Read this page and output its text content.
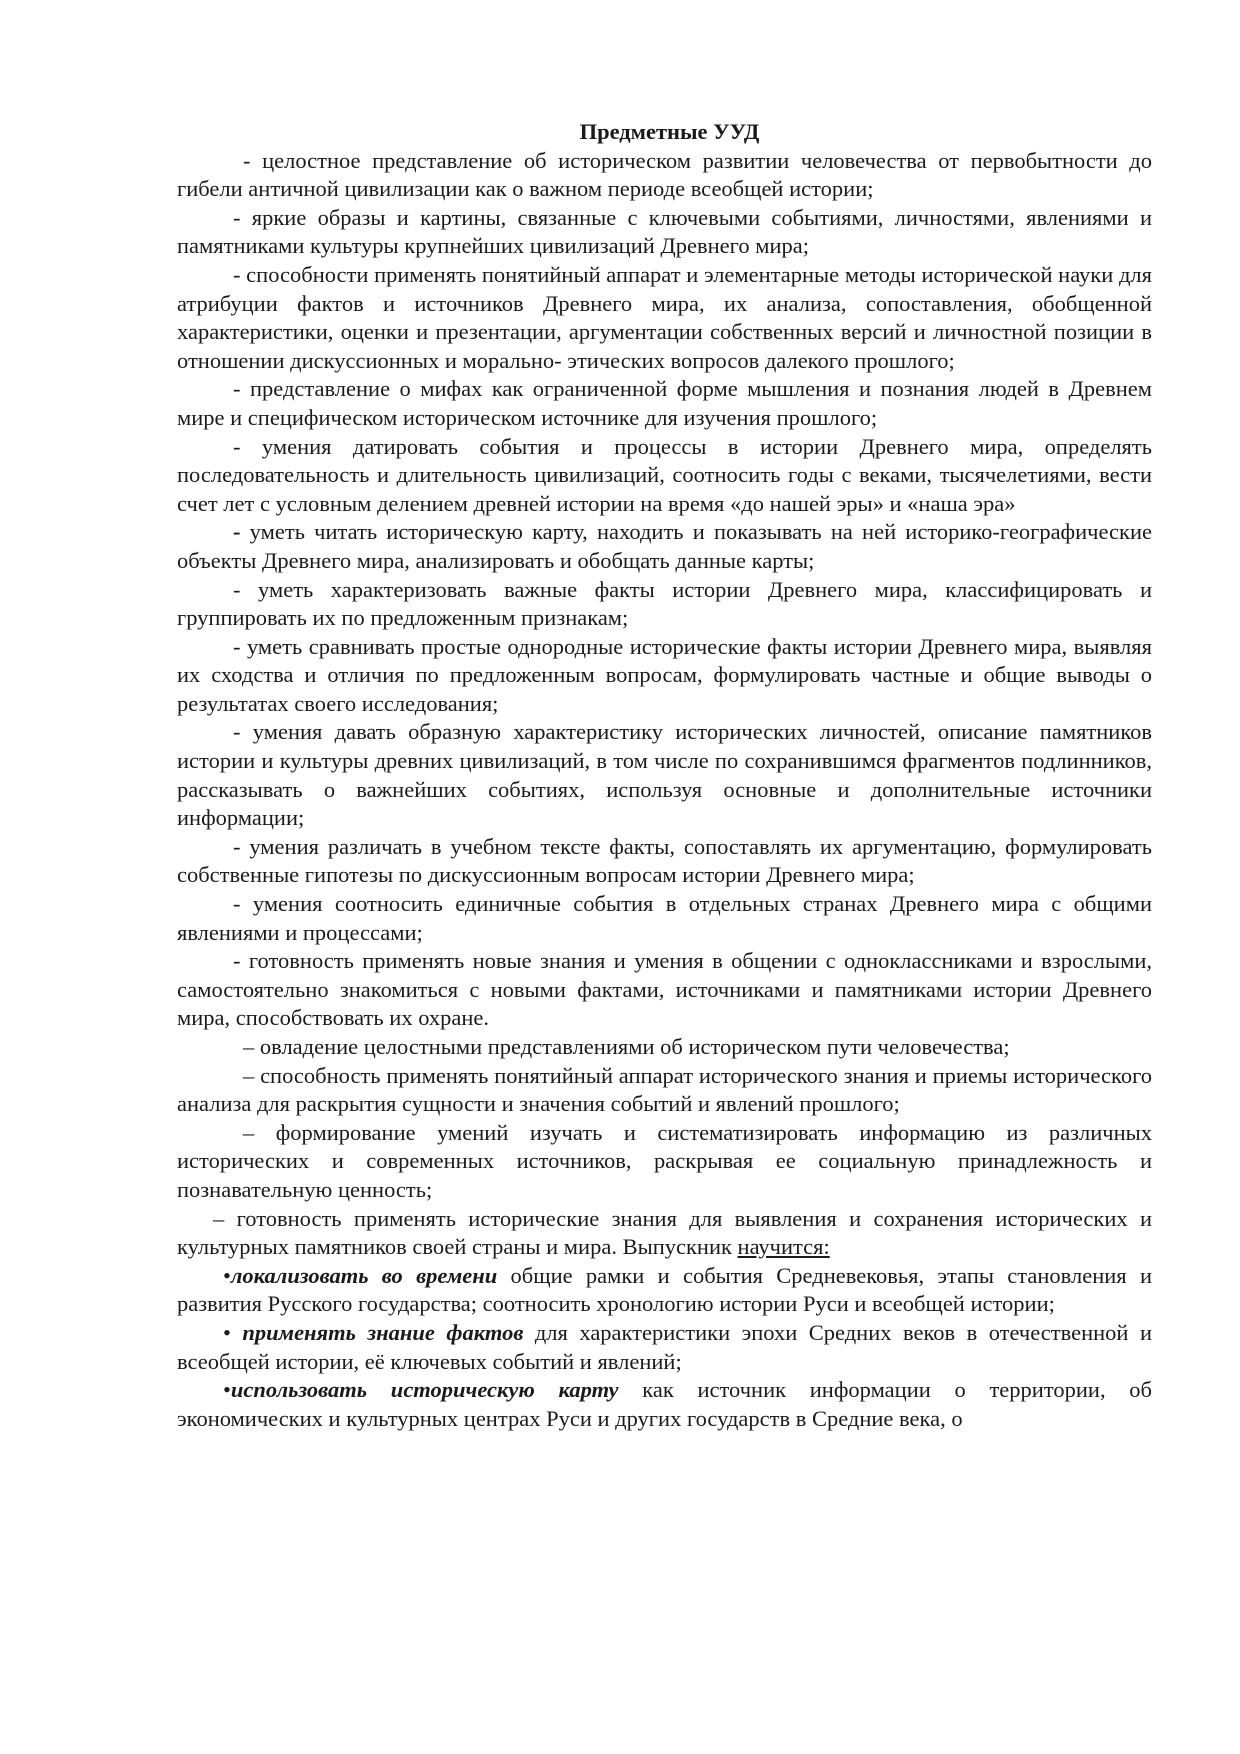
Предметные УУД

- целостное представление об историческом развитии человечества от первобытности до гибели античной цивилизации как о важном периоде всеобщей истории;

- яркие образы и картины, связанные с ключевыми событиями, личностями, явлениями и памятниками культуры крупнейших цивилизаций Древнего мира;

- способности применять понятийный аппарат и элементарные методы исторической науки для атрибуции фактов и источников Древнего мира, их анализа, сопоставления, обобщенной характеристики, оценки и презентации, аргументации собственных версий и личностной позиции в отношении дискуссионных и морально- этических вопросов далекого прошлого;

- представление о мифах как ограниченной форме мышления и познания людей в Древнем мире и специфическом историческом источнике для изучения прошлого;

- умения датировать события и процессы в истории Древнего мира, определять последовательность и длительность цивилизаций, соотносить годы с веками, тысячелетиями, вести счет лет с условным делением древней истории на время «до нашей эры» и «наша эра»

- уметь читать историческую карту, находить и показывать на ней историко-географические объекты Древнего мира, анализировать и обобщать данные карты;

- уметь характеризовать важные факты истории Древнего мира, классифицировать и группировать их по предложенным признакам;

- уметь сравнивать простые однородные исторические факты истории Древнего мира, выявляя их сходства и отличия по предложенным вопросам, формулировать частные и общие выводы о результатах своего исследования;

- умения давать образную характеристику исторических личностей, описание памятников истории и культуры древних цивилизаций, в том числе по сохранившимся фрагментов подлинников, рассказывать о важнейших событиях, используя основные и дополнительные источники информации;

- умения различать в учебном тексте факты, сопоставлять их аргументацию, формулировать собственные гипотезы по дискуссионным вопросам истории Древнего мира;

- умения соотносить единичные события в отдельных странах Древнего мира с общими явлениями и процессами;

- готовность применять новые знания и умения в общении с одноклассниками и взрослыми, самостоятельно знакомиться с новыми фактами, источниками и памятниками истории Древнего мира, способствовать их охране.

– овладение целостными представлениями об историческом пути человечества;

– способность применять понятийный аппарат исторического знания и приемы исторического анализа для раскрытия сущности и значения событий и явлений прошлого;

– формирование умений изучать и систематизировать информацию из различных исторических и современных источников, раскрывая ее социальную принадлежность и познавательную ценность;

– готовность применять исторические знания для выявления и сохранения исторических и культурных памятников своей страны и мира. Выпускник научится:

•локализовать во времени общие рамки и события Средневековья, этапы становления и развития Русского государства; соотносить хронологию истории Руси и всеобщей истории;

• применять знание фактов для характеристики эпохи Средних веков в отечественной и всеобщей истории, её ключевых событий и явлений;

•использовать историческую карту как источник информации о территории, об экономических и культурных центрах Руси и других государств в Средние века, о
